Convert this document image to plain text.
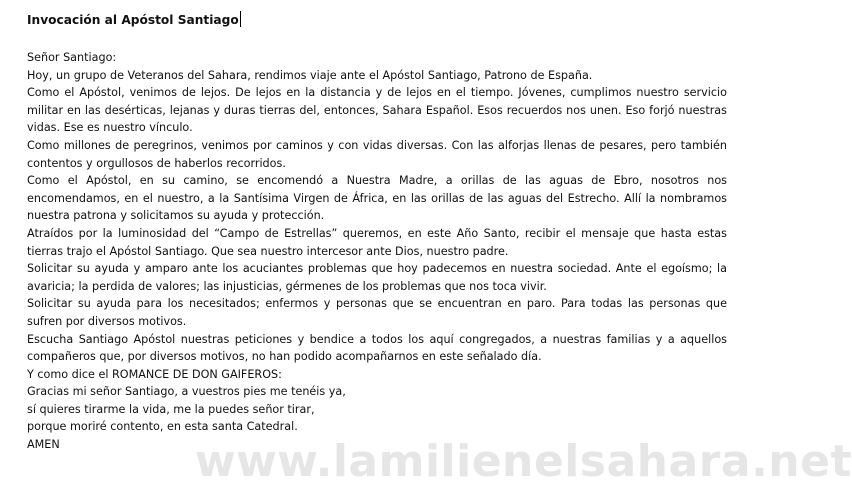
Invocación al Apóstol Santiago

Señor Santiago:

Hoy, un grupo de Veteranos del Sahara, rendimos viaje ante el Apóstol Santiago, Patrono de España.

Como el Apóstol, venimos de lejos. De lejos en la distancia y de lejos en el tiempo. Jóvenes, cumplimos nuestro servicio militar en las desérticas, lejanas y duras tierras del, entonces, Sahara Español. Esos recuerdos nos unen. Eso forjó nuestras vidas. Ese es nuestro vínculo.

Como millones de peregrinos, venimos por caminos y con vidas diversas. Con las alforjas llenas de pesares, pero también contentos y orgullosos de haberlos recorridos.

Como el Apóstol, en su camino, se encomendó a Nuestra Madre, a orillas de las aguas de Ebro, nosotros nos encomendamos, en el nuestro, a la Santísima Virgen de África, en las orillas de las aguas del Estrecho. Allí la nombramos nuestra patrona y solicitamos su ayuda y protección.

Atraídos por la luminosidad del “Campo de Estrellas” queremos, en este Año Santo, recibir el mensaje que hasta estas tierras trajo el Apóstol Santiago. Que sea nuestro intercesor ante Dios, nuestro padre.

Solicitar su ayuda y amparo ante los acuciantes problemas que hoy padecemos en nuestra sociedad. Ante el egoísmo; la avaricia; la perdida de valores; las injusticias, gérmenes de los problemas que nos toca vivir.

Solicitar su ayuda para los necesitados; enfermos y personas que se encuentran en paro. Para todas las personas que sufren por diversos motivos.

Escucha Santiago Apóstol nuestras peticiones y bendice a todos los aquí congregados, a nuestras familias y a aquellos compañeros que, por diversos motivos, no han podido acompañarnos en este señalado día.

Y como dice el ROMANCE DE DON GAIFEROS:

Gracias mi señor Santiago, a vuestros pies me tenéis ya,

sí quieres tirarme la vida, me la puedes señor tirar,

porque moriré contento, en esta santa Catedral.

AMEN	www.lamilienelsahara.net
